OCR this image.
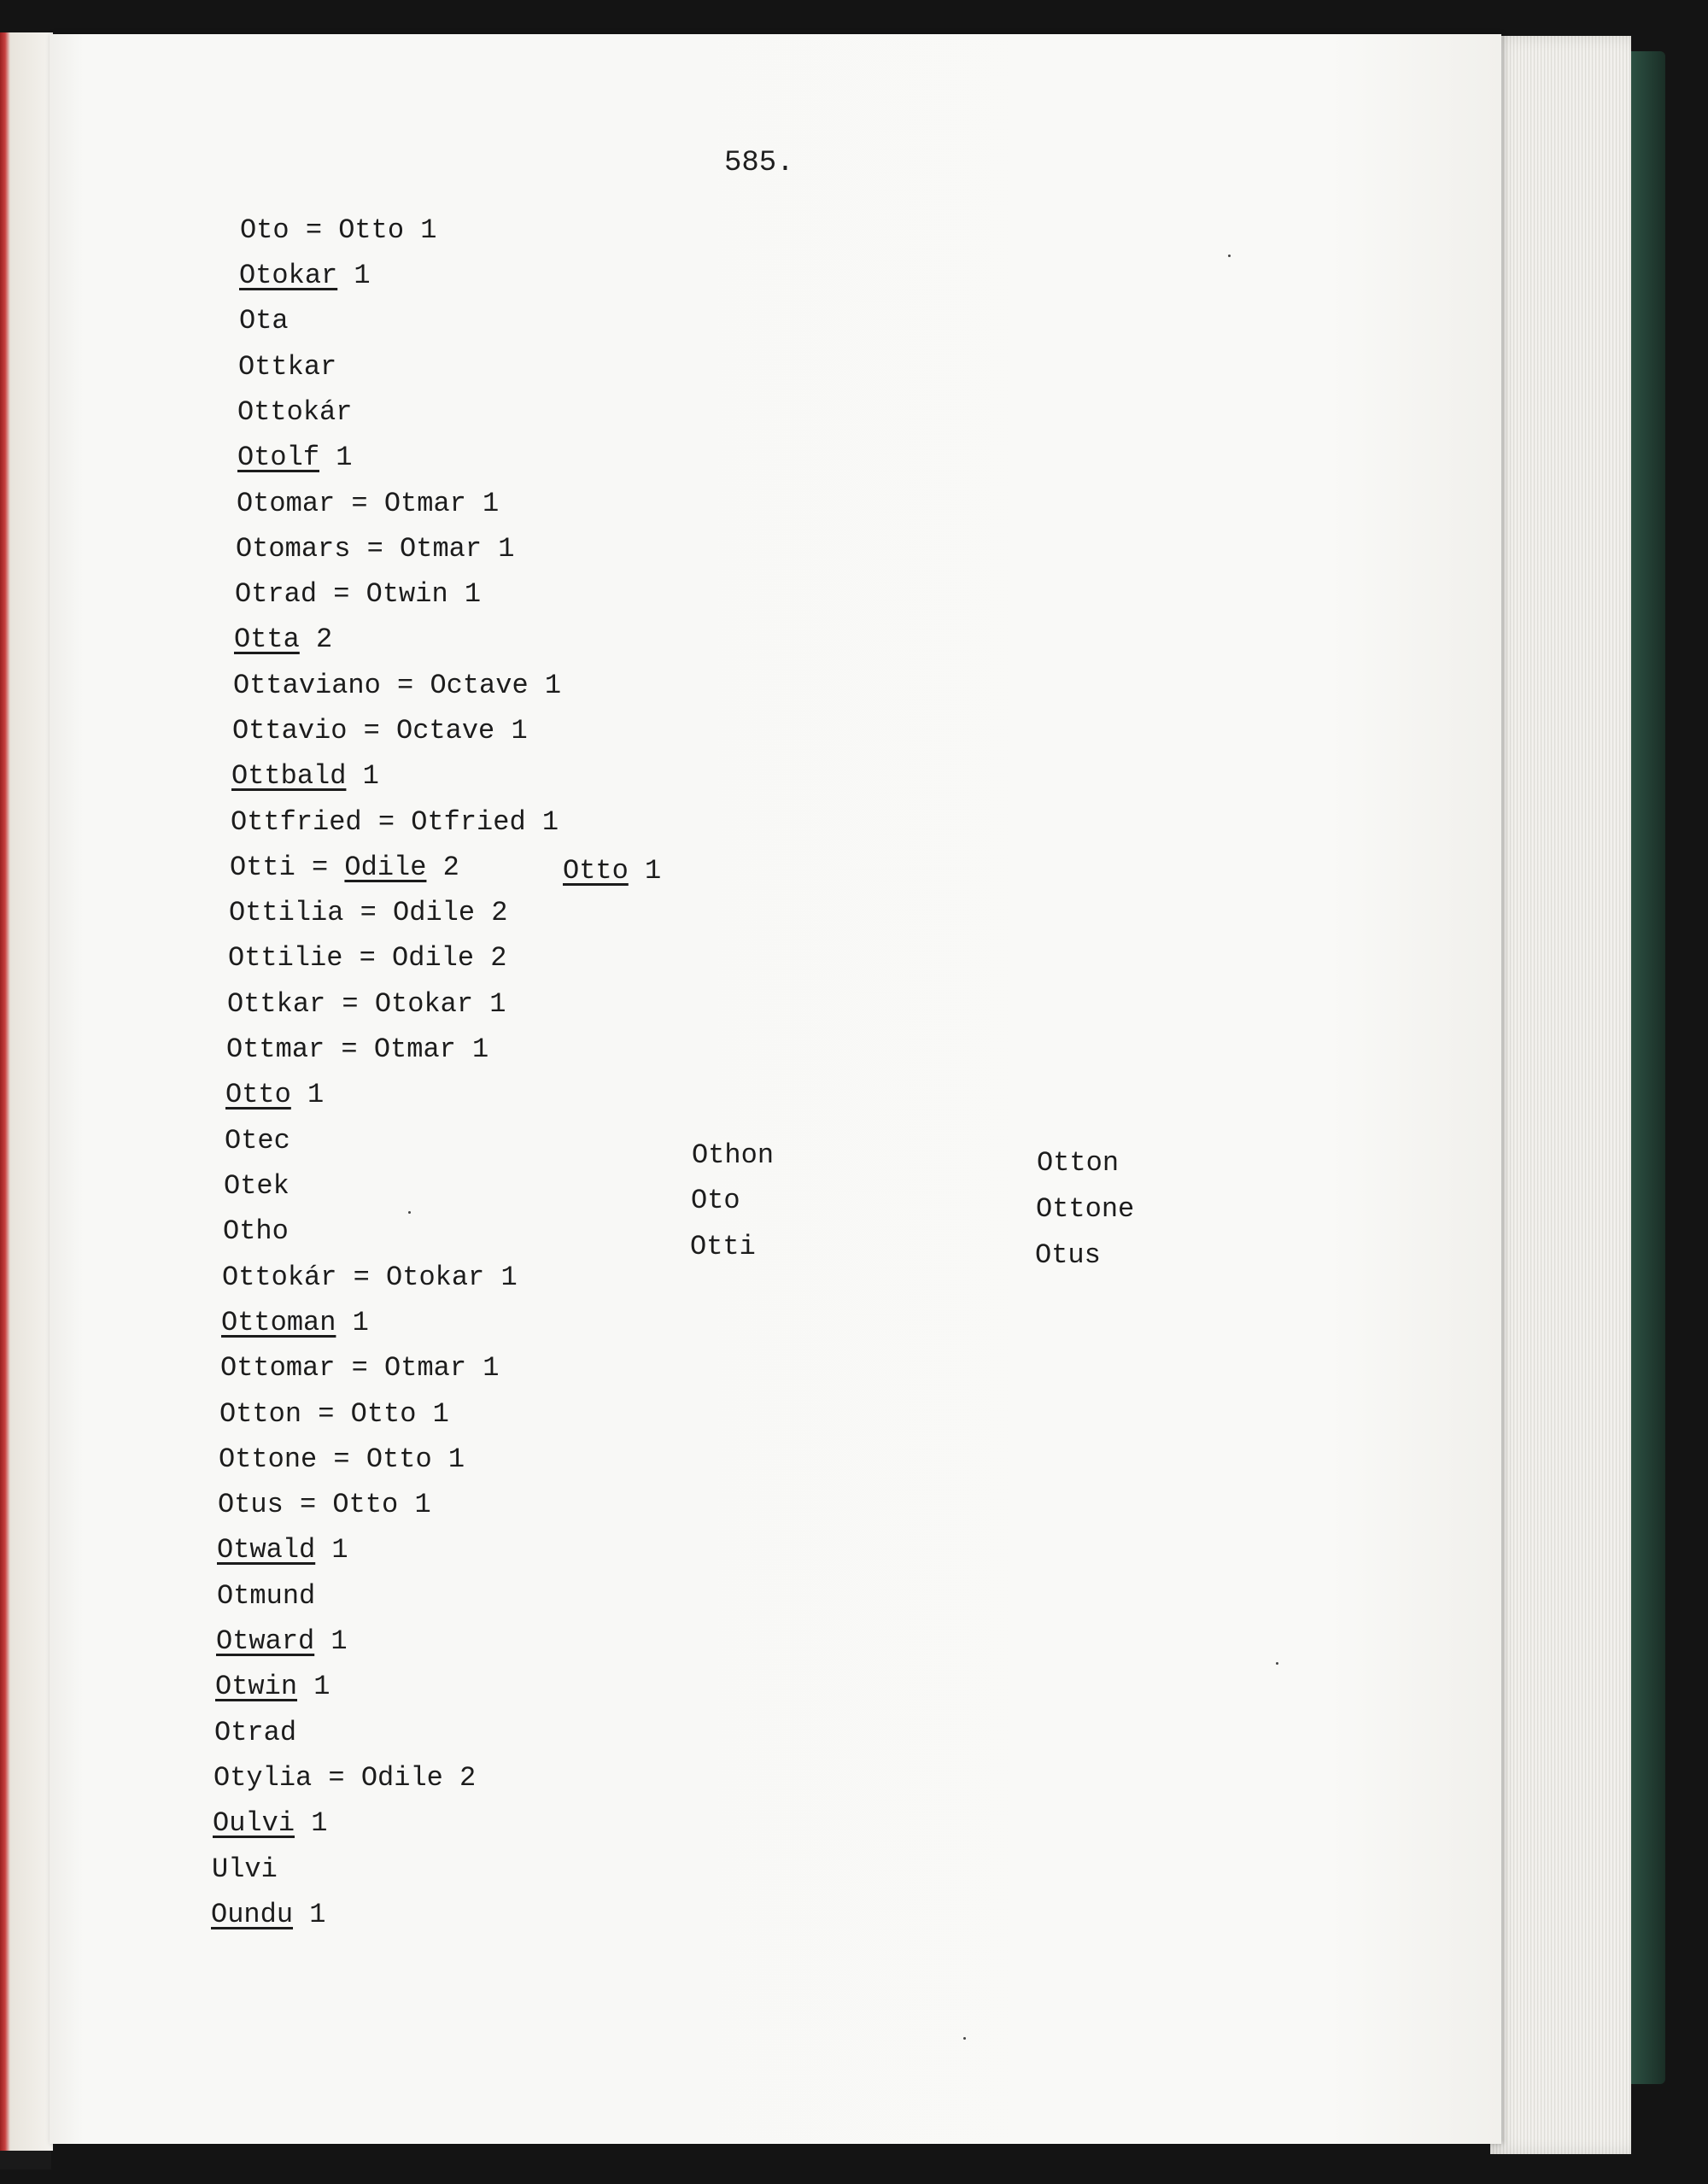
585.
Oto = Otto 1
Otokar 1
Ota
Ottkar
Ottokár
Otolf 1
Otomar = Otmar 1
Otomars = Otmar 1
Otrad = Otwin 1
Otta 2
Ottaviano = Octave 1
Ottavio = Octave 1
Ottbald 1
Ottfried = Otfried 1
Otti = Odile 2	Otto 1
Ottilia = Odile 2
Ottilie = Odile 2
Ottkar = Otokar 1
Ottmar = Otmar 1
Otto 1
Otec
Otek
Otho
Ottokár = Otokar 1
Ottoman 1
Ottomar = Otmar 1
Otton = Otto 1
Ottone = Otto 1
Otus = Otto 1
Otwald 1
Otmund
Otward 1
Otwin 1
Otrad
Otylia = Odile 2
Oulvi 1
Ulvi
Oundu 1
Othon
Oto
Otti
Otton
Ottone
Otus
